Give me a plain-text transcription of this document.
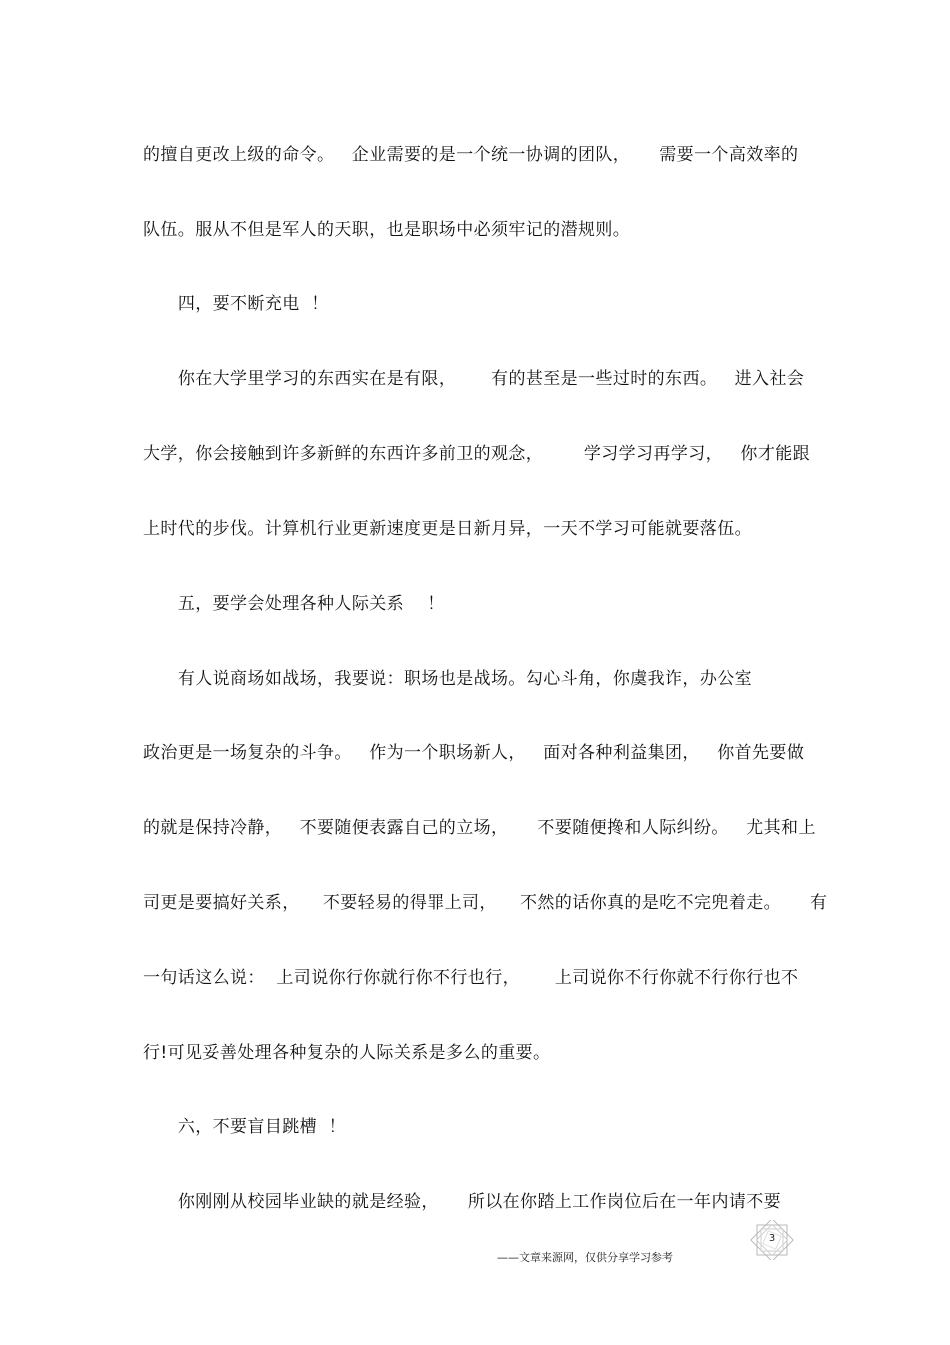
的擅自更改上级的命令。   企业需要的是一个统一协调的团队，     需要一个高效率的
队伍。服从不但是军人的天职，也是职场中必须牢记的潜规则。
四，要不断充电  ！
你在大学里学习的东西实在是有限，      有的甚至是一些过时的东西。   进入社会
大学，你会接触到许多新鲜的东西许多前卫的观念，       学习学习再学习，   你才能跟
上时代的步伐。计算机行业更新速度更是日新月异，一天不学习可能就要落伍。
五，要学会处理各种人际关系    ！
有人说商场如战场，我要说：职场也是战场。勾心斗角，你虞我诈，办公室
政治更是一场复杂的斗争。   作为一个职场新人，   面对各种利益集团，   你首先要做
的就是保持冷静，   不要随便表露自己的立场，     不要随便搀和人际纠纷。   尤其和上
司更是要搞好关系，    不要轻易的得罪上司，    不然的话你真的是吃不完兜着走。     有
一句话这么说：  上司说你行你就行你不行也行，      上司说你不行你就不行你行也不
行!可见妥善处理各种复杂的人际关系是多么的重要。
六，不要盲目跳槽  ！
你刚刚从校园毕业缺的就是经验，     所以在你踏上工作岗位后在一年内请不要
3
——文章来源网，仅供分享学习参考
